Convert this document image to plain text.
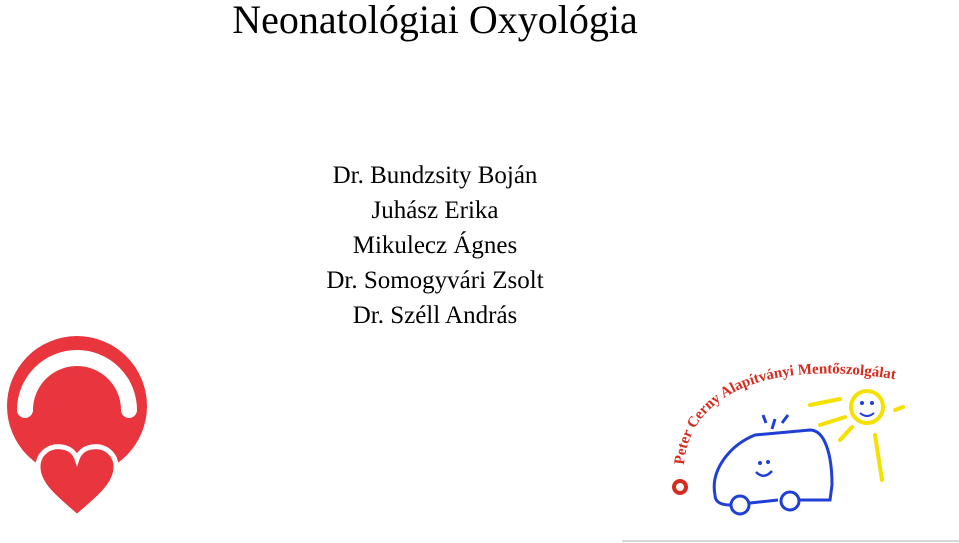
Neonatológiai Oxyológia
Dr. Bundzsity Boján
Juhász Erika
Mikulecz Ágnes
Dr. Somogyvári Zsolt
Dr. Széll András
Peter Cerny Alapítványi Mentőszolgálat
